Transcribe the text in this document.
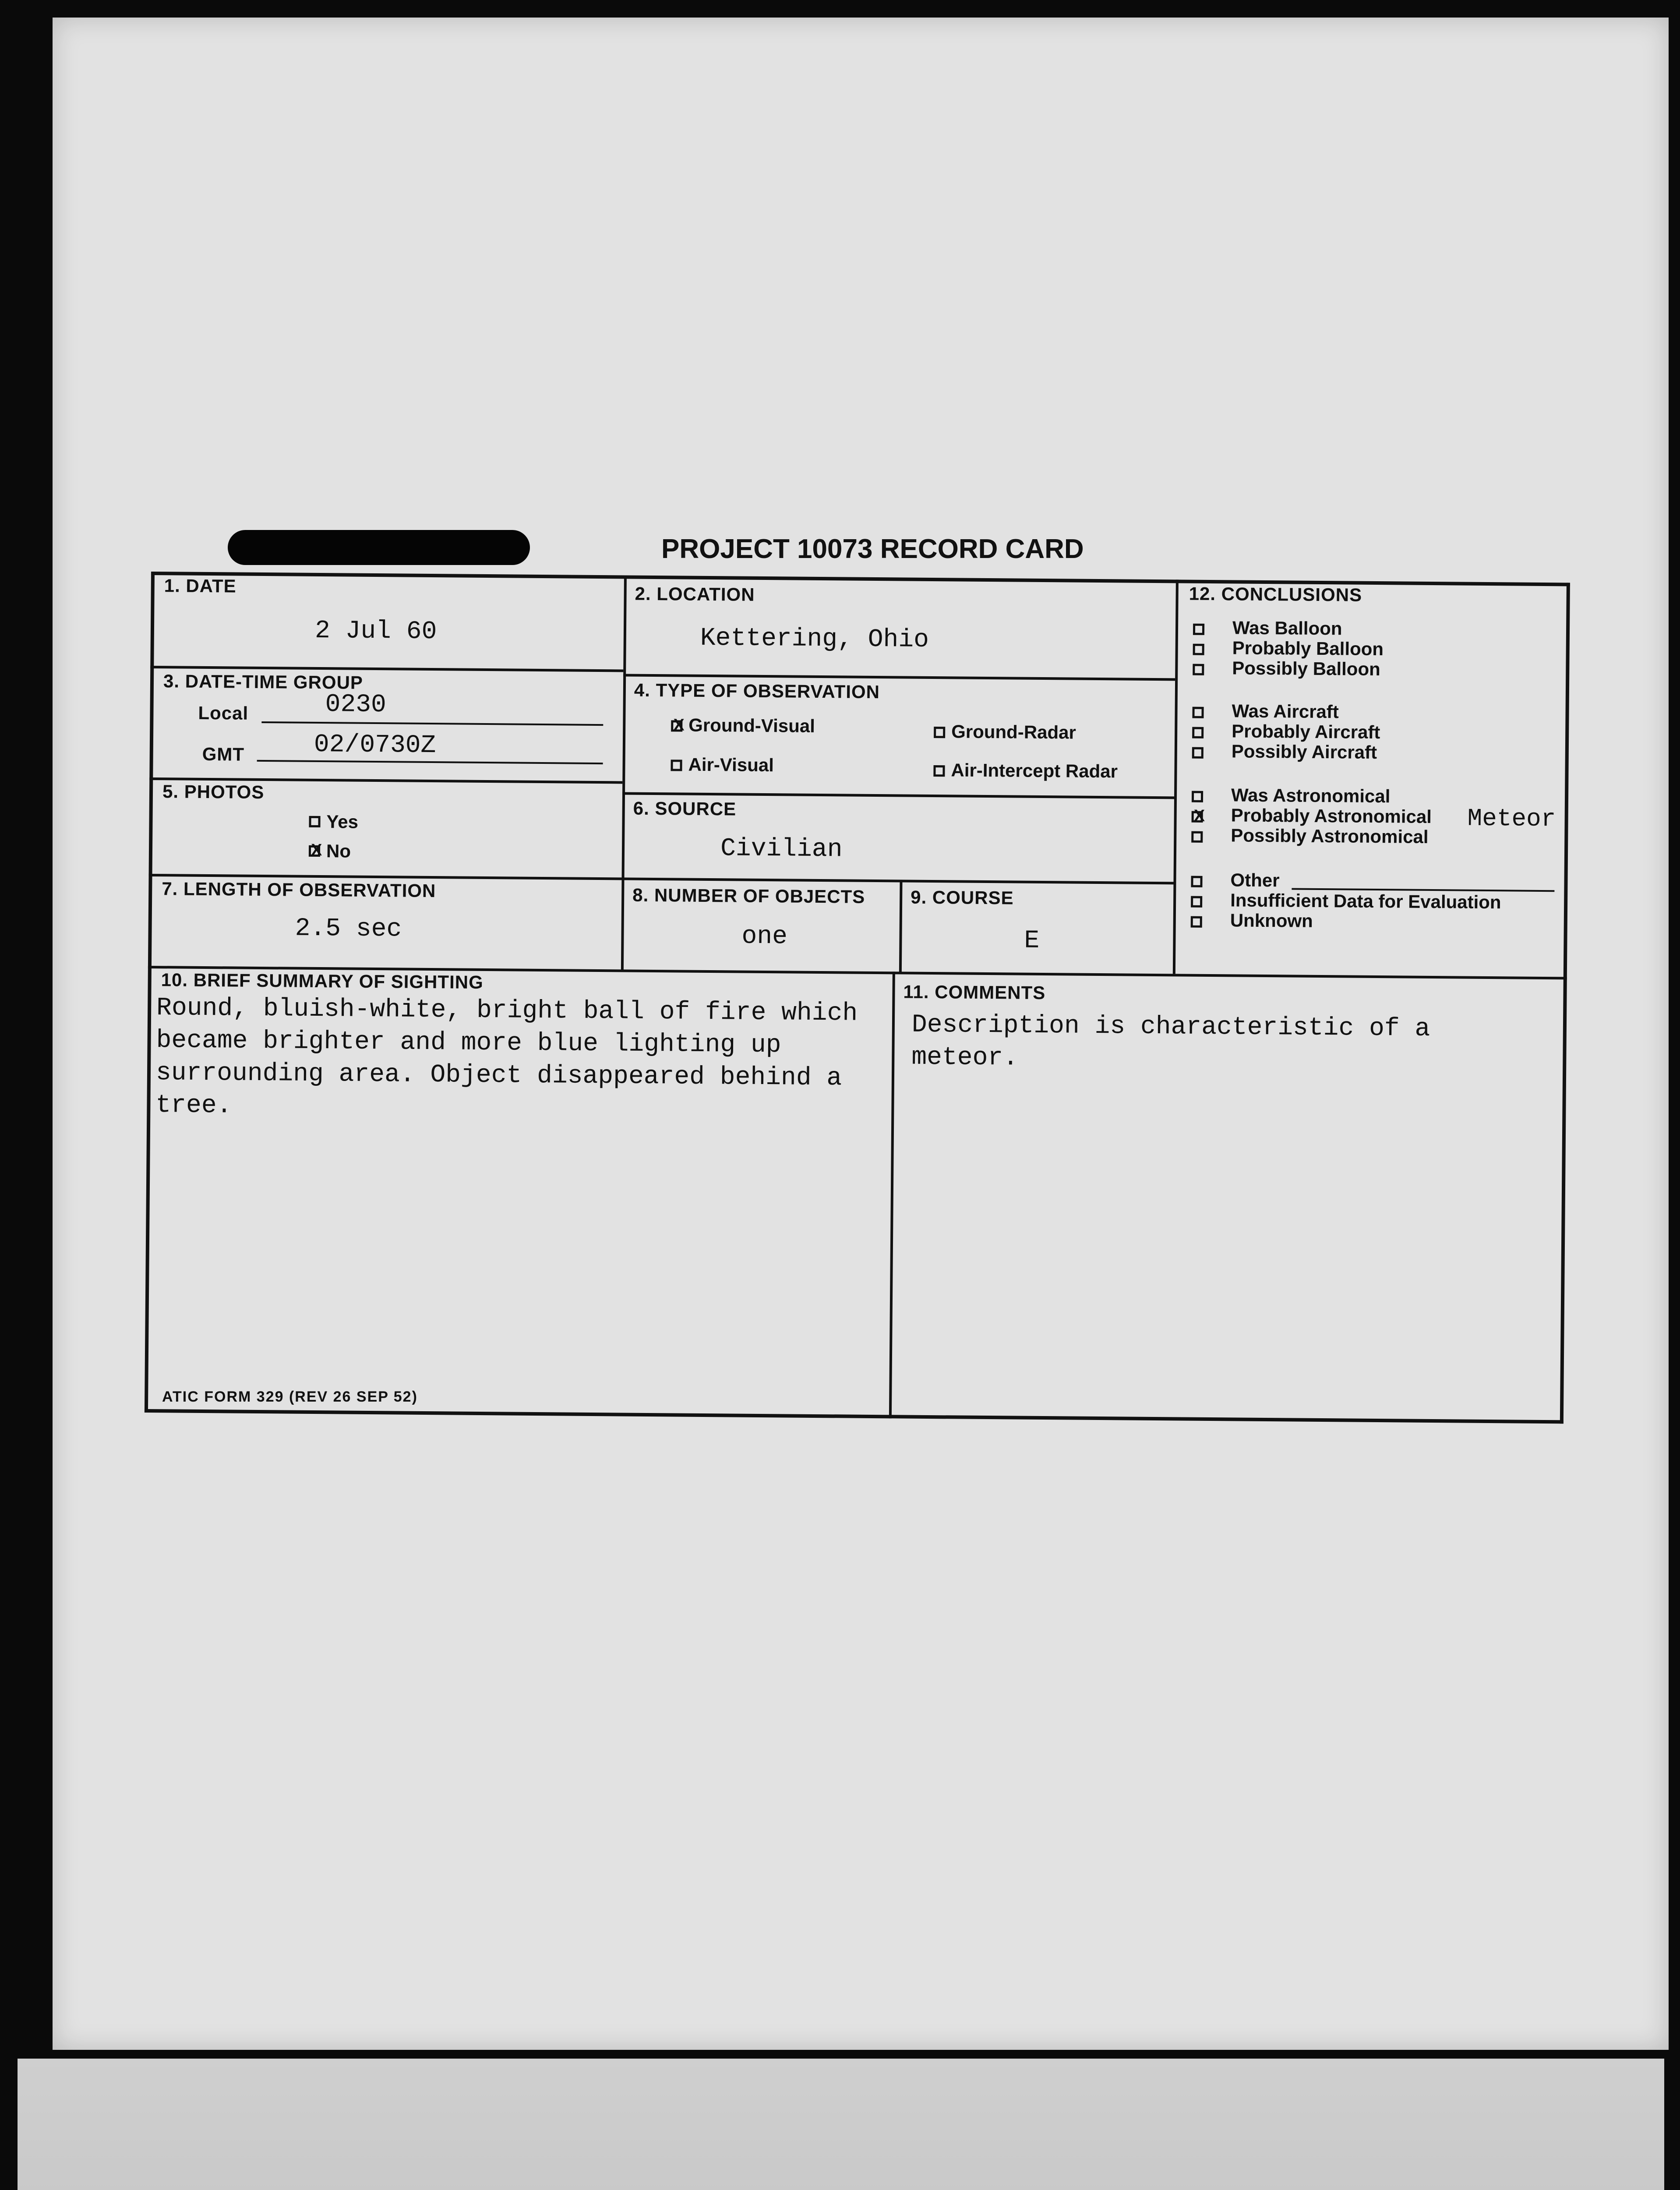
PROJECT 10073 RECORD CARD
1. DATE
2 Jul 60
3. DATE-TIME GROUP
Local	0230
GMT	02/0730Z
5. PHOTOS
Yes
X No
7. LENGTH OF OBSERVATION
2.5 sec
2. LOCATION
Kettering, Ohio
4. TYPE OF OBSERVATION
X Ground-Visual	Ground-Radar
Air-Visual	Air-Intercept Radar
6. SOURCE
Civilian
8. NUMBER OF OBJECTS
one
9. COURSE
E
12. CONCLUSIONS
Was Balloon
Probably Balloon
Possibly Balloon
Was Aircraft
Probably Aircraft
Possibly Aircraft
Was Astronomical
X Probably Astronomical Meteor
Possibly Astronomical
Other
Insufficient Data for Evaluation
Unknown
10. BRIEF SUMMARY OF SIGHTING
Round, bluish-white, bright ball of fire which
became brighter and more blue lighting up
surrounding area. Object disappeared behind a
tree.
11. COMMENTS
Description is characteristic of a
meteor.
ATIC FORM 329 (REV 26 SEP 52)
